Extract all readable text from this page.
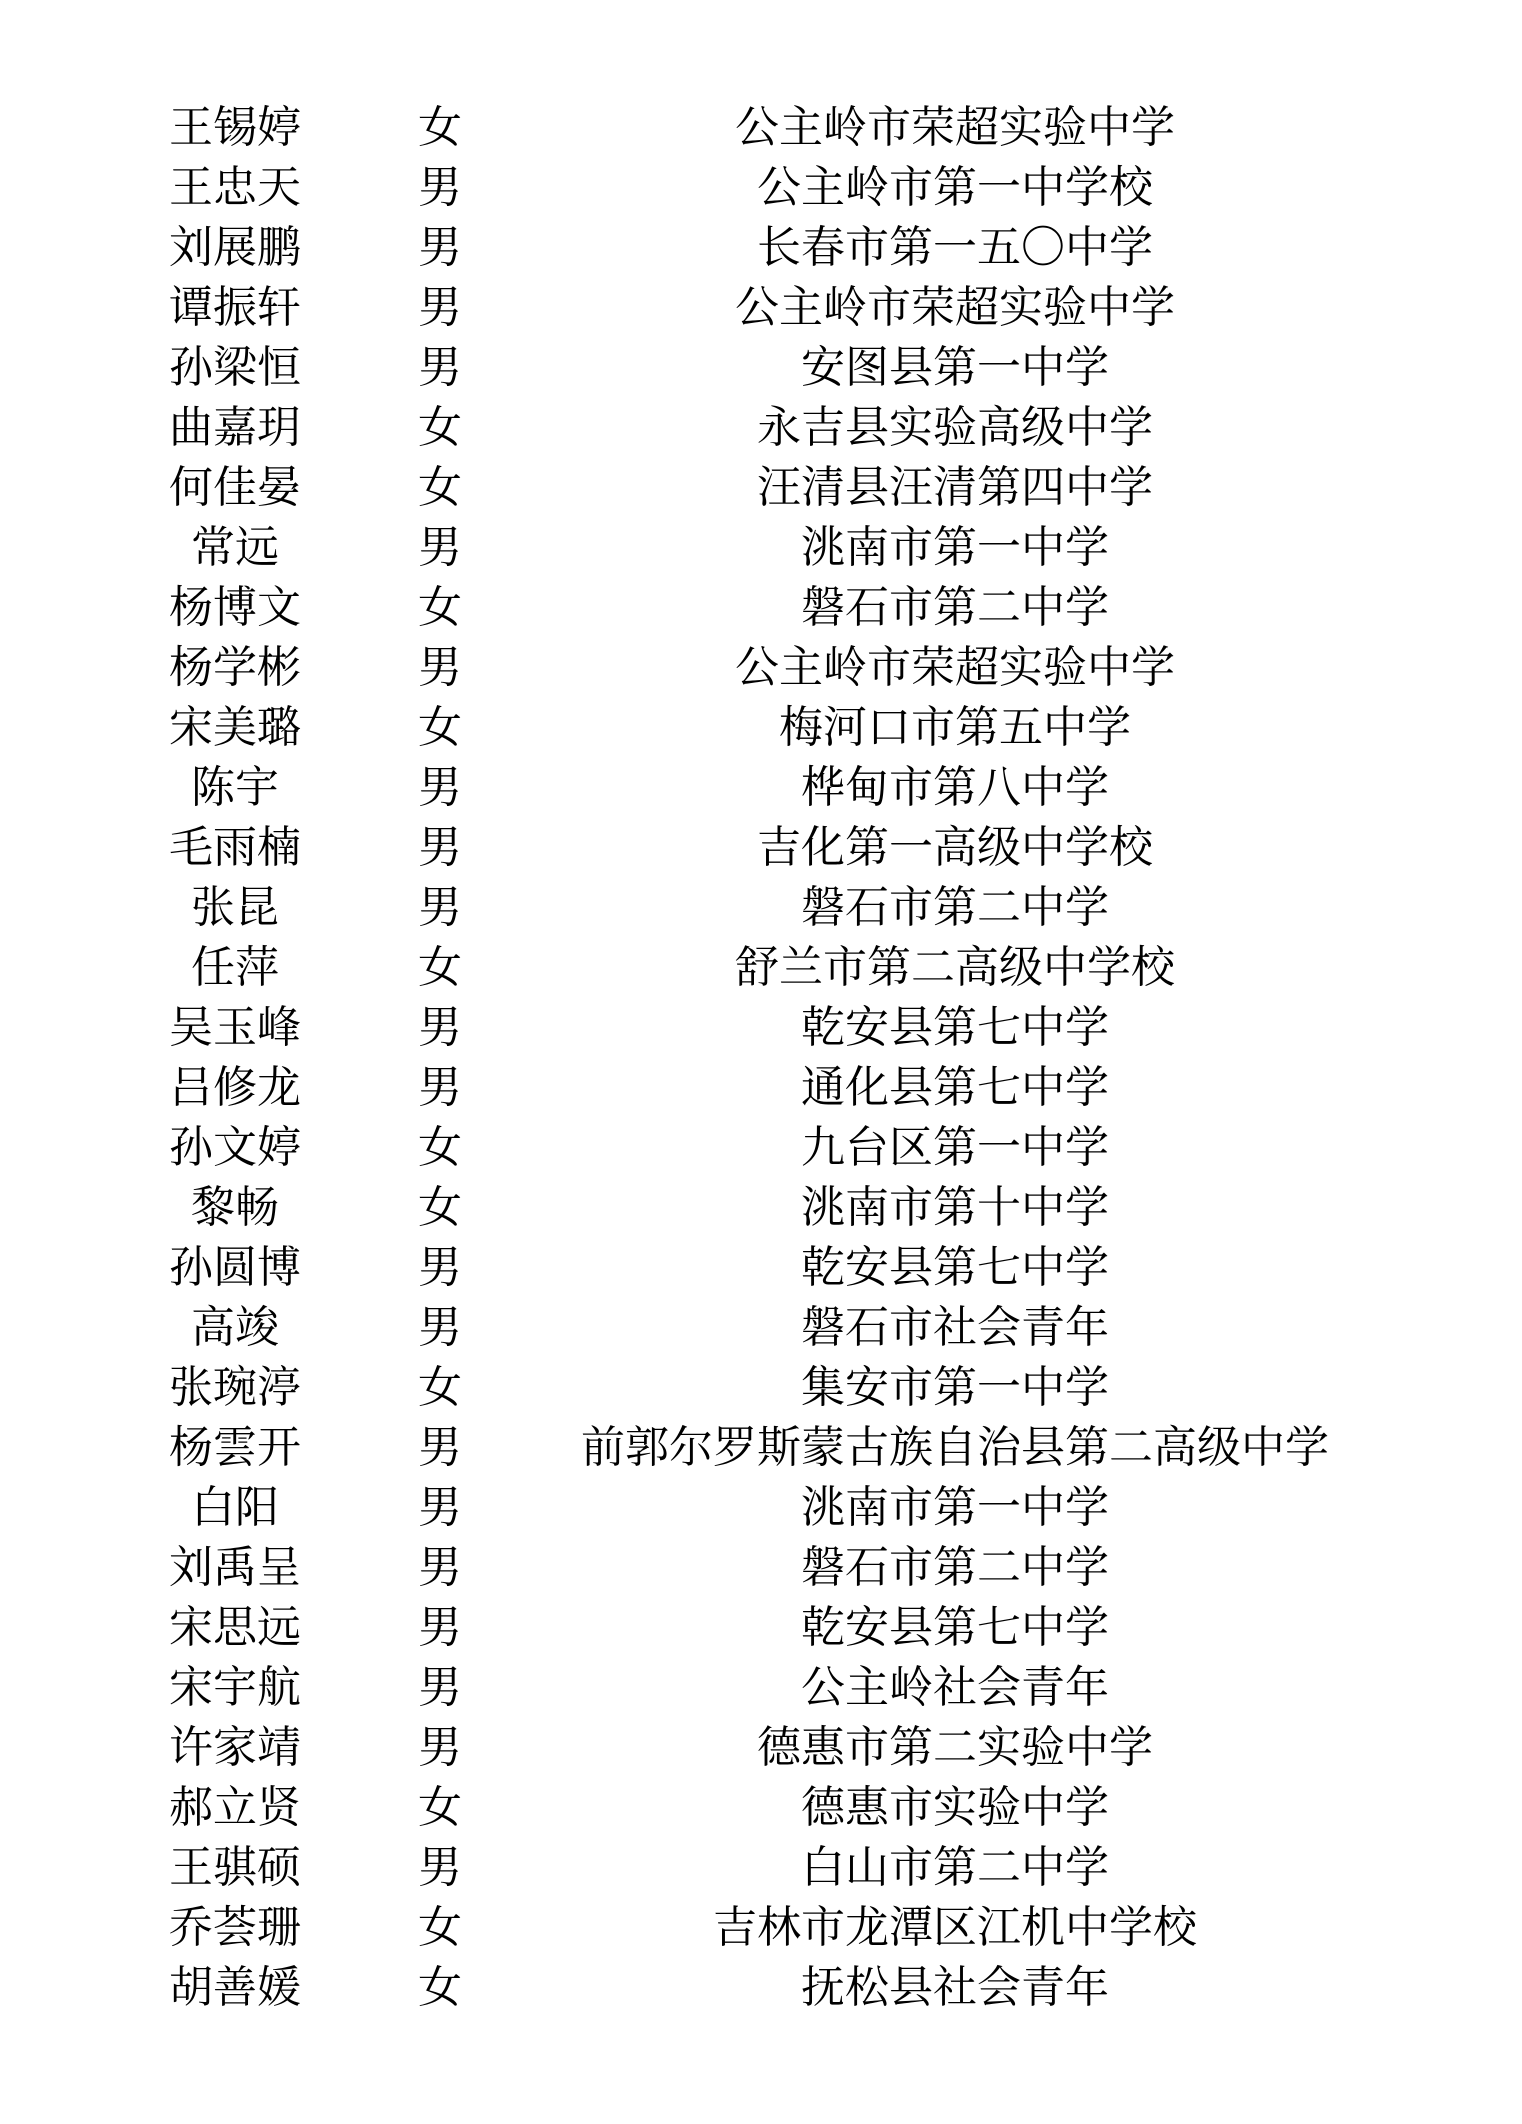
王锡婷	女	公主岭市荣超实验中学
王忠天	男	公主岭市第一中学校
刘展鹏	男	长春市第一五〇中学
谭振轩	男	公主岭市荣超实验中学
孙梁恒	男	安图县第一中学
曲嘉玥	女	永吉县实验高级中学
何佳晏	女	汪清县汪清第四中学
常远	男	洮南市第一中学
杨博文	女	磐石市第二中学
杨学彬	男	公主岭市荣超实验中学
宋美璐	女	梅河口市第五中学
陈宇	男	桦甸市第八中学
毛雨楠	男	吉化第一高级中学校
张昆	男	磐石市第二中学
任萍	女	舒兰市第二高级中学校
吴玉峰	男	乾安县第七中学
吕修龙	男	通化县第七中学
孙文婷	女	九台区第一中学
黎畅	女	洮南市第十中学
孙圆博	男	乾安县第七中学
高竣	男	磐石市社会青年
张琬渟	女	集安市第一中学
杨雲开	男	前郭尔罗斯蒙古族自治县第二高级中学
白阳	男	洮南市第一中学
刘禹呈	男	磐石市第二中学
宋思远	男	乾安县第七中学
宋宇航	男	公主岭社会青年
许家靖	男	德惠市第二实验中学
郝立贤	女	德惠市实验中学
王骐硕	男	白山市第二中学
乔荟珊	女	吉林市龙潭区江机中学校
胡善媛	女	抚松县社会青年
